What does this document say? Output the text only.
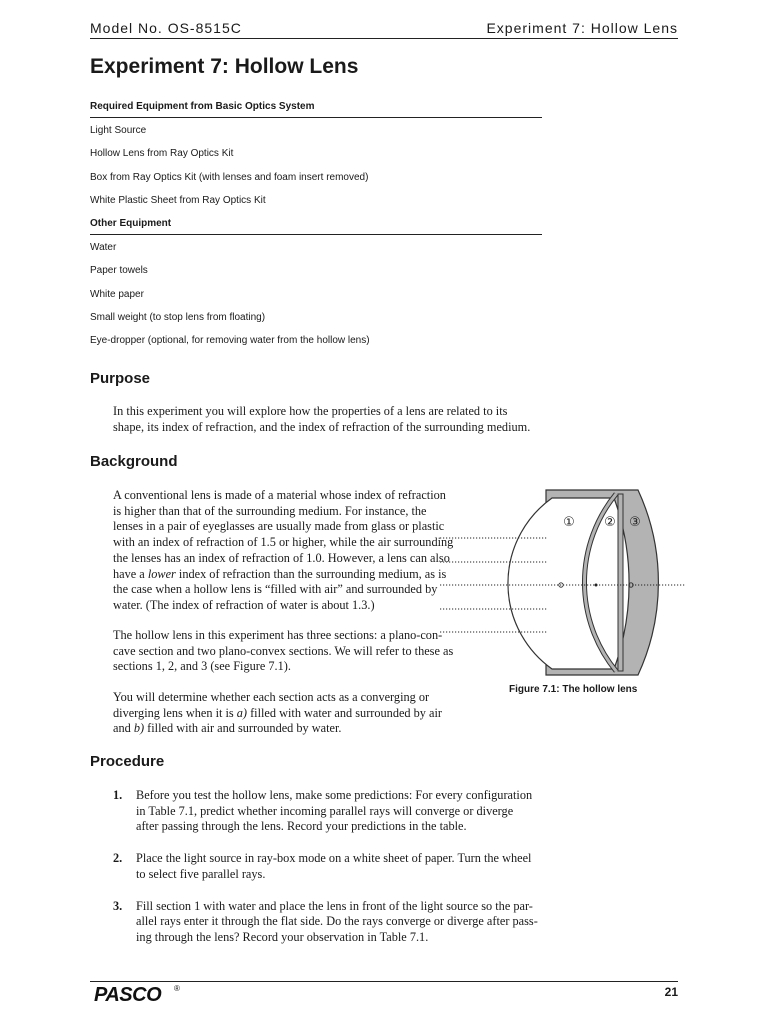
Model No. OS-8515C	Experiment 7: Hollow Lens
Experiment 7: Hollow Lens
Required Equipment from Basic Optics System
Light Source
Hollow Lens from Ray Optics Kit
Box from Ray Optics Kit (with lenses and foam insert removed)
White Plastic Sheet from Ray Optics Kit
Other Equipment
Water
Paper towels
White paper
Small weight (to stop lens from floating)
Eye-dropper (optional, for removing water from the hollow lens)
Purpose

In this experiment you will explore how the properties of a lens are related to its

shape, its index of refraction, and the index of refraction of the surrounding medium.

Background

A conventional lens is made of a material whose index of refraction

is higher than that of the surrounding medium. For instance, the

lenses in a pair of eyeglasses are usually made from glass or plastic

with an index of refraction of 1.5 or higher, while the air surrounding

the lenses has an index of refraction of 1.0. However, a lens can also

have a lower index of refraction than the surrounding medium, as is

the case when a hollow lens is “filled with air” and surrounded by

water. (The index of refraction of water is about 1.3.)

The hollow lens in this experiment has three sections: a plano-con-

cave section and two plano-convex sections. We will refer to these as

sections 1, 2, and 3 (see Figure 7.1).

You will determine whether each section acts as a converging or

diverging lens when it is a) filled with water and surrounded by air

and b) filled with air and surrounded by water.

① ② ③
Figure 7.1: The hollow lens
Procedure
1.	Before you test the hollow lens, make some predictions: For every configuration
in Table 7.1, predict whether incoming parallel rays will converge or diverge
after passing through the lens. Record your predictions in the table.
2.	Place the light source in ray-box mode on a white sheet of paper. Turn the wheel
to select five parallel rays.
3.	Fill section 1 with water and place the lens in front of the light source so the par-
allel rays enter it through the flat side. Do the rays converge or diverge after pass-
ing through the lens? Record your observation in Table 7.1.
PASCO ®	21
